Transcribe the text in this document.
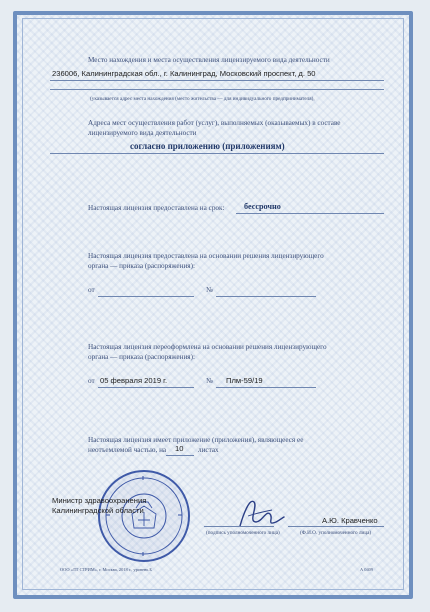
Место нахождения и места осуществления лицензируемого вида деятельности
236006, Калининградская обл., г. Калининград, Московский проспект, д. 50
(указывается адрес места нахождения (место жительства — для индивидуального предпринимателя),
Адреса мест осуществления работ (услуг), выполняемых (оказываемых) в составе
лицензируемого вида деятельности
согласно приложению (приложениям)
Настоящая лицензия предоставлена на срок: бессрочно
Настоящая лицензия предоставлена на основании решения лицензирующего
органа — приказа (распоряжения):
от	№
Настоящая лицензия переоформлена на основании решения лицензирующего
органа — приказа (распоряжения):
от 05 февраля 2019 г.	№ Плм-59/19
Настоящая лицензия имеет приложение (приложения), являющееся ее
неотъемлемой частью, на 10 листах
Министр здравоохранения
Калининградской области
А.Ю. Кравченко
(подпись уполномоченного лица)	(Ф.И.О. уполномоченного лица)
ООО «ЛТ СТРИМ», г. Москва, 2018 г., уровень Б	А 0409
